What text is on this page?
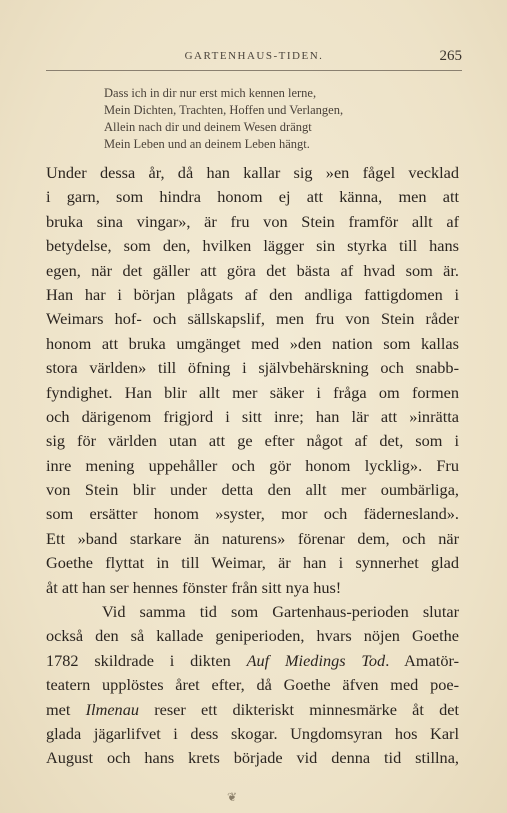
GARTENHAUS-TIDEN.	265
Dass ich in dir nur erst mich kennen lerne,
Mein Dichten, Trachten, Hoffen und Verlangen,
Allein nach dir und deinem Wesen drängt
Mein Leben und an deinem Leben hängt.
Under dessa år, då han kallar sig »en fågel vecklad
i garn, som hindra honom ej att känna, men att
bruka sina vingar», är fru von Stein framför allt af
betydelse, som den, hvilken lägger sin styrka till hans
egen, när det gäller att göra det bästa af hvad som är.
Han har i början plågats af den andliga fattigdomen i
Weimars hof- och sällskapslif, men fru von Stein råder
honom att bruka umgänget med »den nation som kallas
stora världen» till öfning i självbehärskning och snabb-
fyndighet. Han blir allt mer säker i fråga om formen
och därigenom frigjord i sitt inre; han lär att »inrätta
sig för världen utan att ge efter något af det, som i
inre mening uppehåller och gör honom lycklig». Fru
von Stein blir under detta den allt mer oumbärliga,
som ersätter honom »syster, mor och fädernesland».
Ett »band starkare än naturens» förenar dem, och när
Goethe flyttat in till Weimar, är han i synnerhet glad
åt att han ser hennes fönster från sitt nya hus!
Vid samma tid som Gartenhaus-perioden slutar
också den så kallade geniperioden, hvars nöjen Goethe
1782 skildrade i dikten Auf Miedings Tod. Amatör-
teatern upplöstes året efter, då Goethe äfven med poe-
met Ilmenau reser ett dikteriskt minnesmärke åt det
glada jägarlifvet i dess skogar. Ungdomsyran hos Karl
August och hans krets började vid denna tid stillna,
❦
